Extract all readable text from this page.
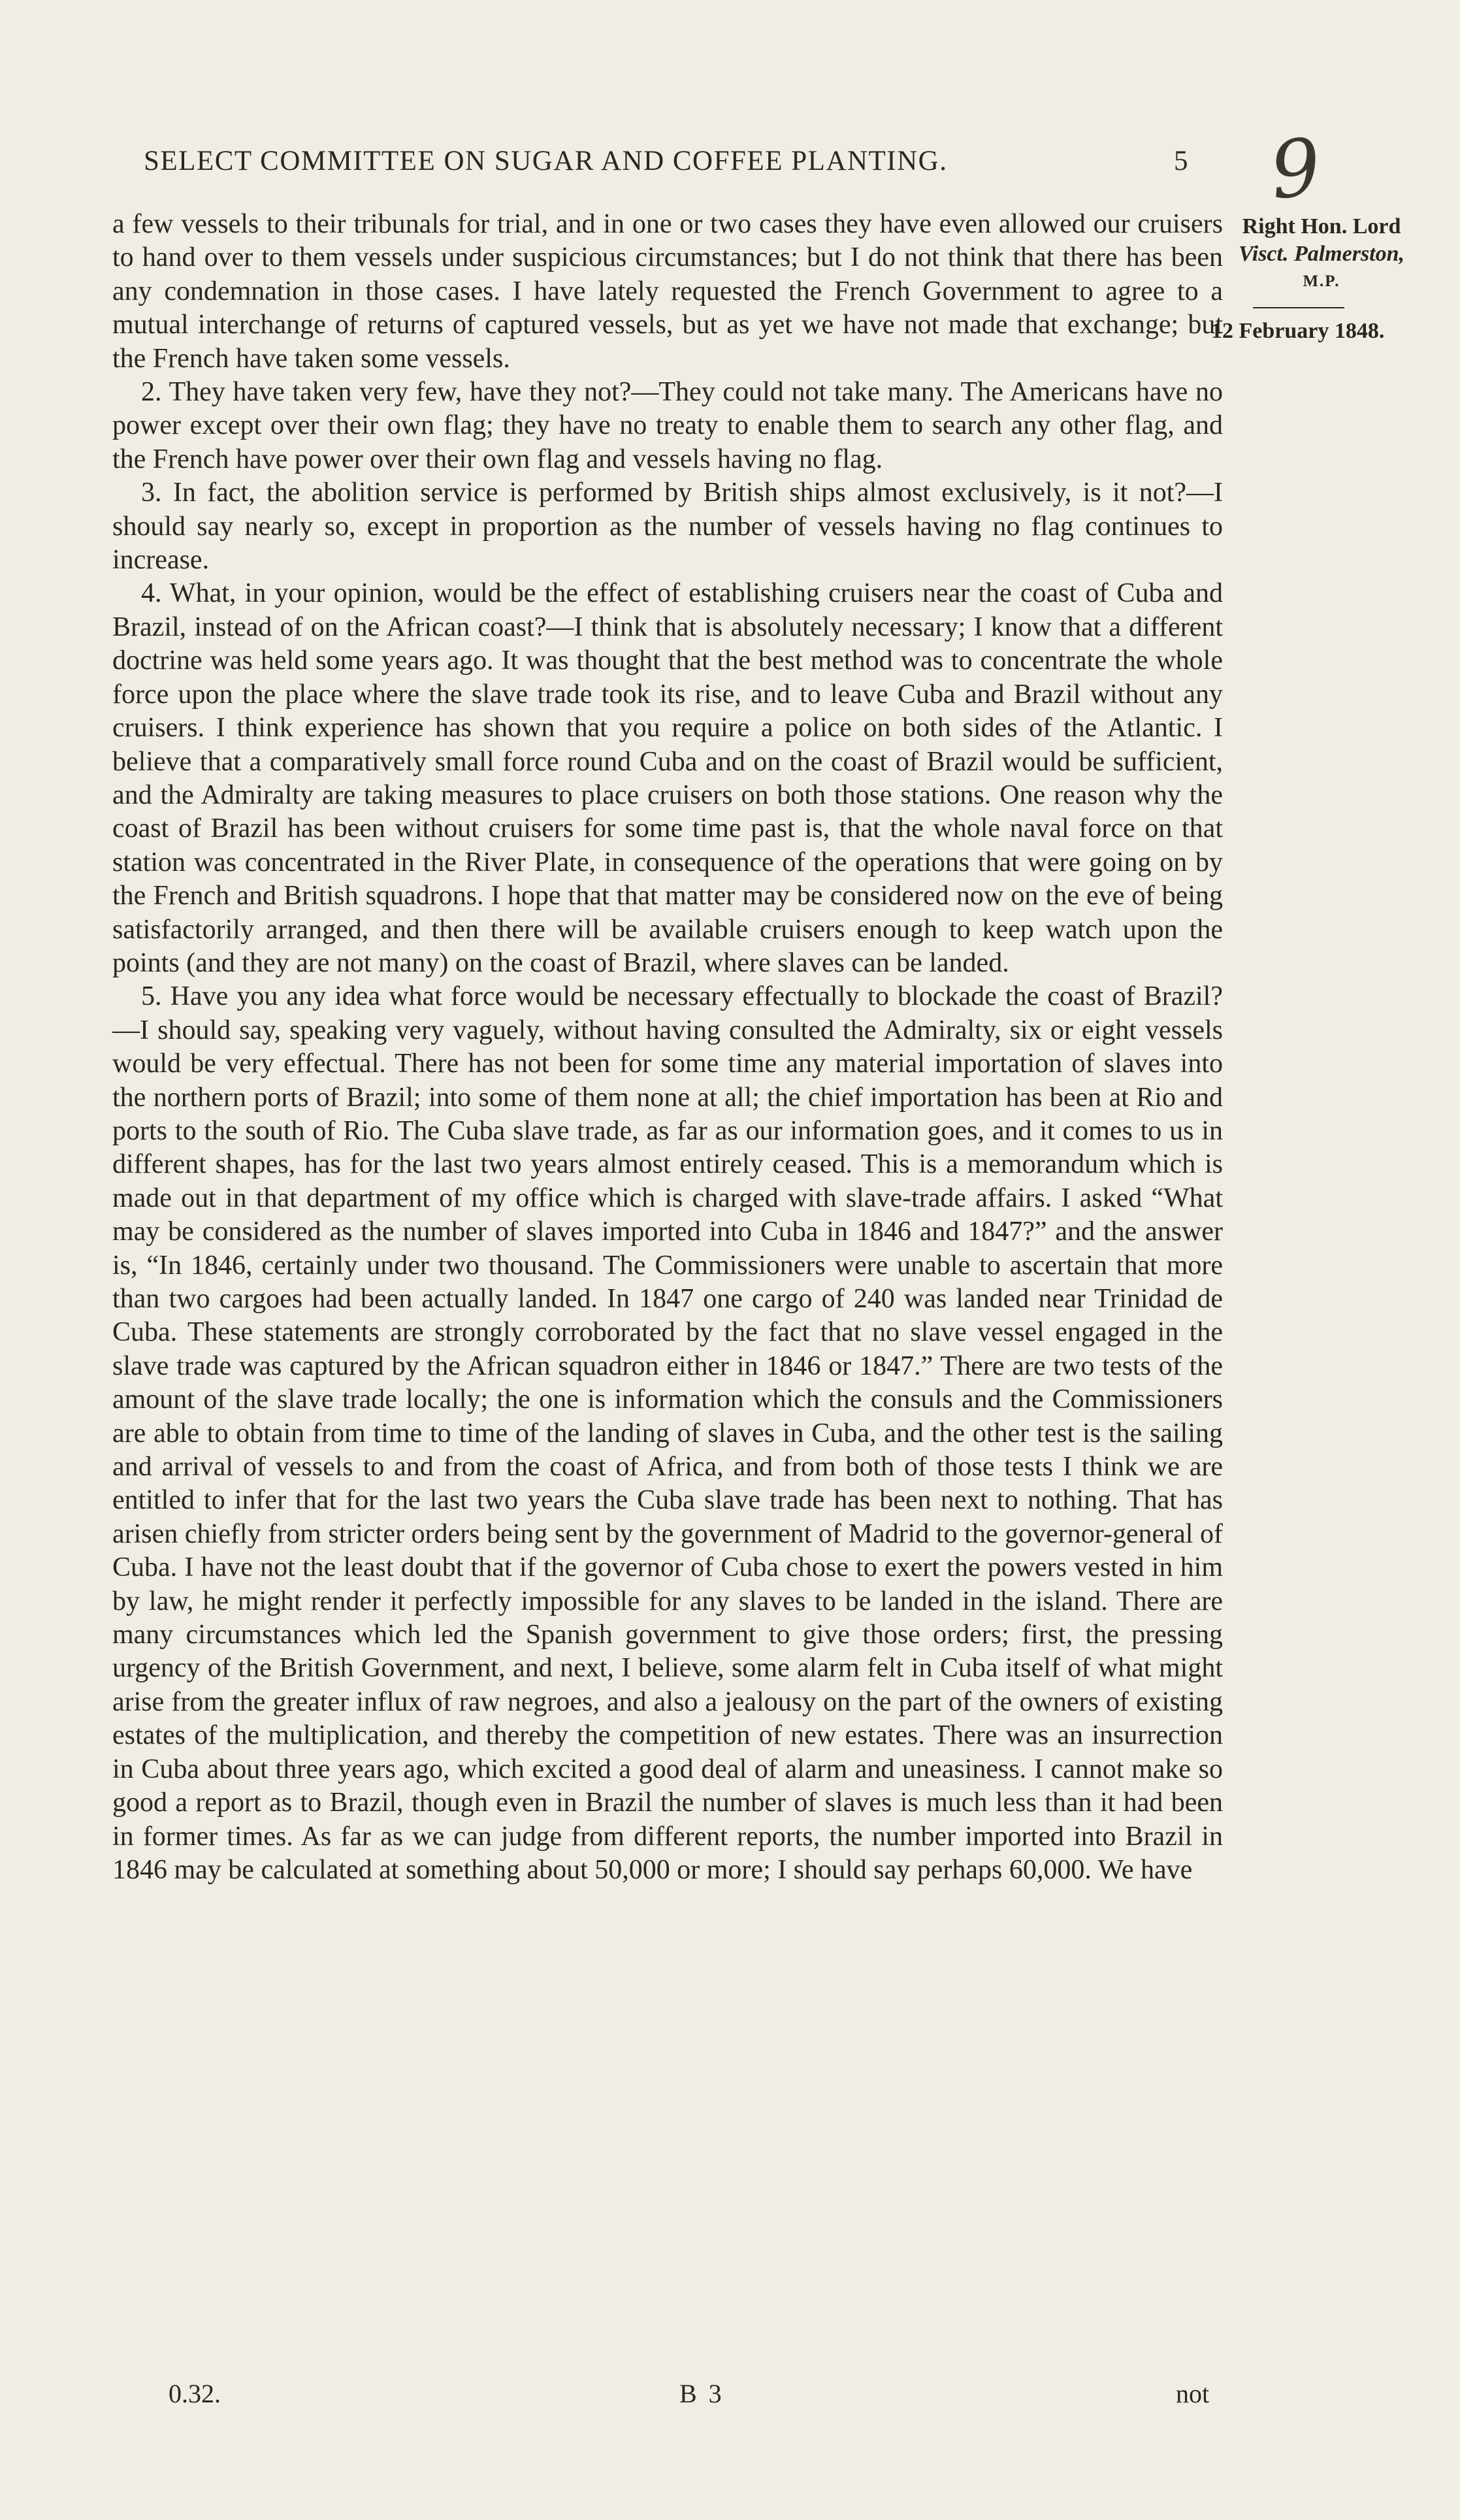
SELECT COMMITTEE ON SUGAR AND COFFEE PLANTING.	5 9
Right Hon. Lord
Visct. Palmerston,
M.P.
12 February 1848.

a few vessels to their tribunals for trial, and in one or two cases they have even allowed our cruisers to hand over to them vessels under suspicious circumstances; but I do not think that there has been any condemnation in those cases. I have lately requested the French Government to agree to a mutual interchange of returns of captured vessels, but as yet we have not made that exchange; but the French have taken some vessels.

2. They have taken very few, have they not?—They could not take many. The Americans have no power except over their own flag; they have no treaty to enable them to search any other flag, and the French have power over their own flag and vessels having no flag.

3. In fact, the abolition service is performed by British ships almost exclusively, is it not?—I should say nearly so, except in proportion as the number of vessels having no flag continues to increase.

4. What, in your opinion, would be the effect of establishing cruisers near the coast of Cuba and Brazil, instead of on the African coast?—I think that is absolutely necessary; I know that a different doctrine was held some years ago. It was thought that the best method was to concentrate the whole force upon the place where the slave trade took its rise, and to leave Cuba and Brazil without any cruisers. I think experience has shown that you require a police on both sides of the Atlantic. I believe that a comparatively small force round Cuba and on the coast of Brazil would be sufficient, and the Admiralty are taking measures to place cruisers on both those stations. One reason why the coast of Brazil has been without cruisers for some time past is, that the whole naval force on that station was concentrated in the River Plate, in consequence of the operations that were going on by the French and British squadrons. I hope that that matter may be considered now on the eve of being satisfactorily arranged, and then there will be available cruisers enough to keep watch upon the points (and they are not many) on the coast of Brazil, where slaves can be landed.

5. Have you any idea what force would be necessary effectually to blockade the coast of Brazil?—I should say, speaking very vaguely, without having consulted the Admiralty, six or eight vessels would be very effectual. There has not been for some time any material importation of slaves into the northern ports of Brazil; into some of them none at all; the chief importation has been at Rio and ports to the south of Rio. The Cuba slave trade, as far as our information goes, and it comes to us in different shapes, has for the last two years almost entirely ceased. This is a memorandum which is made out in that department of my office which is charged with slave-trade affairs. I asked “What may be considered as the number of slaves imported into Cuba in 1846 and 1847?” and the answer is, “In 1846, certainly under two thousand. The Commissioners were unable to ascertain that more than two cargoes had been actually landed. In 1847 one cargo of 240 was landed near Trinidad de Cuba. These statements are strongly corroborated by the fact that no slave vessel engaged in the slave trade was captured by the African squadron either in 1846 or 1847.” There are two tests of the amount of the slave trade locally; the one is information which the consuls and the Commissioners are able to obtain from time to time of the landing of slaves in Cuba, and the other test is the sailing and arrival of vessels to and from the coast of Africa, and from both of those tests I think we are entitled to infer that for the last two years the Cuba slave trade has been next to nothing. That has arisen chiefly from stricter orders being sent by the government of Madrid to the governor-general of Cuba. I have not the least doubt that if the governor of Cuba chose to exert the powers vested in him by law, he might render it perfectly impossible for any slaves to be landed in the island. There are many circumstances which led the Spanish government to give those orders; first, the pressing urgency of the British Government, and next, I believe, some alarm felt in Cuba itself of what might arise from the greater influx of raw negroes, and also a jealousy on the part of the owners of existing estates of the multiplication, and thereby the competition of new estates. There was an insurrection in Cuba about three years ago, which excited a good deal of alarm and uneasiness. I cannot make so good a report as to Brazil, though even in Brazil the number of slaves is much less than it had been in former times. As far as we can judge from different reports, the number imported into Brazil in 1846 may be calculated at something about 50,000 or more; I should say perhaps 60,000. We have

0.32.	B 3	not
